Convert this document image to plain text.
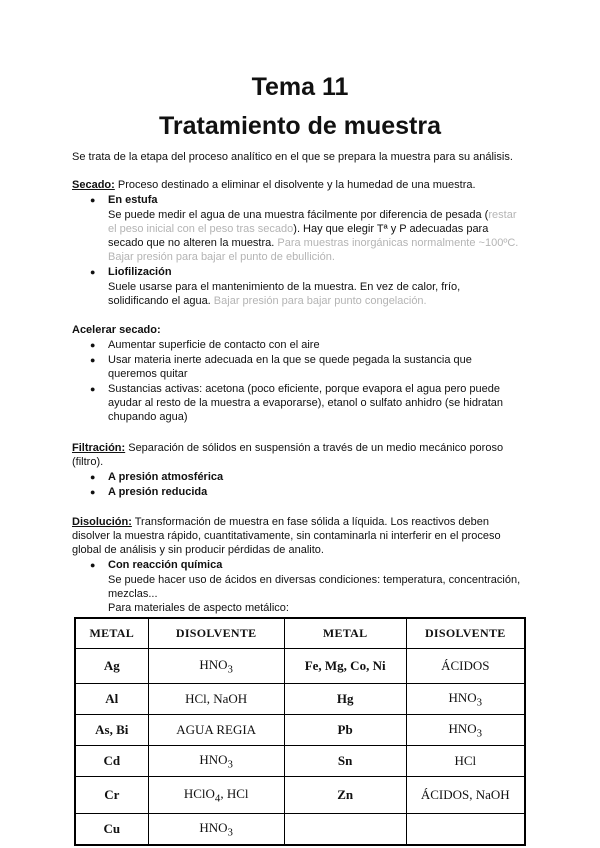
Tema 11
Tratamiento de muestra
Se trata de la etapa del proceso analítico en el que se prepara la muestra para su análisis.
Secado: Proceso destinado a eliminar el disolvente y la humedad de una muestra.
● En estufa
Se puede medir el agua de una muestra fácilmente por diferencia de pesada (restar
el peso inicial con el peso tras secado). Hay que elegir Tª y P adecuadas para
secado que no alteren la muestra. Para muestras inorgánicas normalmente ~100ºC.
Bajar presión para bajar el punto de ebullición.
● Liofilización
Suele usarse para el mantenimiento de la muestra. En vez de calor, frío,
solidificando el agua. Bajar presión para bajar punto congelación.
Acelerar secado:
● Aumentar superficie de contacto con el aire
● Usar materia inerte adecuada en la que se quede pegada la sustancia que
queremos quitar
● Sustancias activas: acetona (poco eficiente, porque evapora el agua pero puede
ayudar al resto de la muestra a evaporarse), etanol o sulfato anhidro (se hidratan
chupando agua)
Filtración: Separación de sólidos en suspensión a través de un medio mecánico poroso
(filtro).
● A presión atmosférica
● A presión reducida
Disolución: Transformación de muestra en fase sólida a líquida. Los reactivos deben
disolver la muestra rápido, cuantitativamente, sin contaminarla ni interferir en el proceso
global de análisis y sin producir pérdidas de analito.
● Con reacción química
Se puede hacer uso de ácidos en diversas condiciones: temperatura, concentración,
mezclas...
Para materiales de aspecto metálico:
METAL	DISOLVENTE	METAL	DISOLVENTE
Ag	$HNO_3$	Fe, Mg, Co, Ni	ÁCIDOS
Al	HCl, NaOH	Hg	$HNO_3$
As, Bi	AGUA REGIA	Pb	$HNO_3$
Cd	$HNO_3$	Sn	HCl
Cr	HClO$_4$, HCl	Zn	ÁCIDOS, NaOH
Cu	$HNO_3$		
